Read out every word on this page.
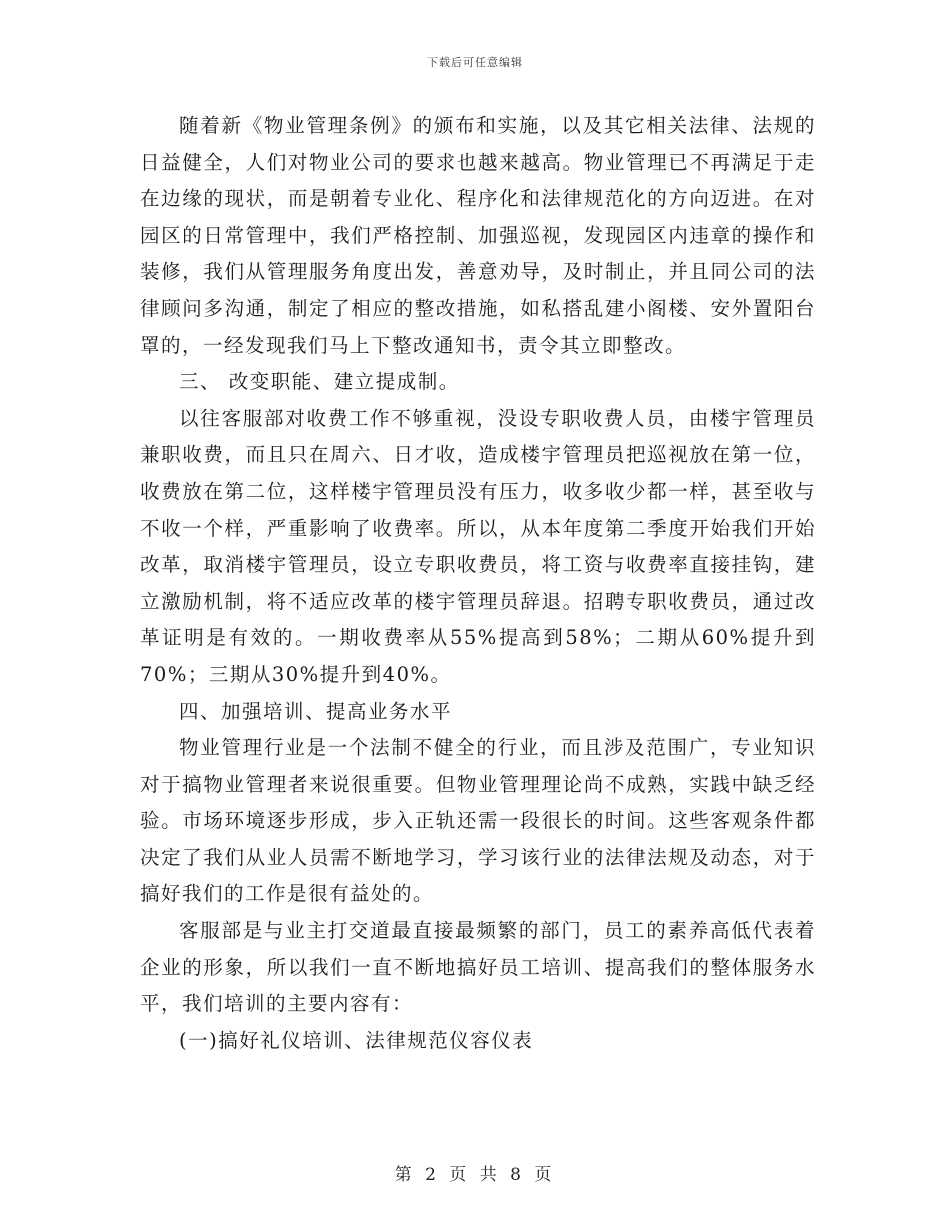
下载后可任意编辑

随着新《物业管理条例》的颁布和实施，以及其它相关法律、法规的日益健全，人们对物业公司的要求也越来越高。物业管理已不再满足于走在边缘的现状，而是朝着专业化、程序化和法律规范化的方向迈进。在对园区的日常管理中，我们严格控制、加强巡视，发现园区内违章的操作和装修，我们从管理服务角度出发，善意劝导，及时制止，并且同公司的法律顾问多沟通，制定了相应的整改措施，如私搭乱建小阁楼、安外置阳台罩的，一经发现我们马上下整改通知书，责令其立即整改。

三、 改变职能、建立提成制。

以往客服部对收费工作不够重视，没设专职收费人员，由楼宇管理员兼职收费，而且只在周六、日才收，造成楼宇管理员把巡视放在第一位，收费放在第二位，这样楼宇管理员没有压力，收多收少都一样，甚至收与不收一个样，严重影响了收费率。所以，从本年度第二季度开始我们开始改革，取消楼宇管理员，设立专职收费员，将工资与收费率直接挂钩，建立激励机制，将不适应改革的楼宇管理员辞退。招聘专职收费员，通过改革证明是有效的。一期收费率从55%提高到58%；二期从60%提升到70%；三期从30%提升到40%。

四、加强培训、提高业务水平

物业管理行业是一个法制不健全的行业，而且涉及范围广，专业知识对于搞物业管理者来说很重要。但物业管理理论尚不成熟，实践中缺乏经验。市场环境逐步形成，步入正轨还需一段很长的时间。这些客观条件都决定了我们从业人员需不断地学习，学习该行业的法律法规及动态，对于搞好我们的工作是很有益处的。

客服部是与业主打交道最直接最频繁的部门，员工的素养高低代表着企业的形象，所以我们一直不断地搞好员工培训、提高我们的整体服务水平，我们培训的主要内容有：

(一)搞好礼仪培训、法律规范仪容仪表

第 2 页 共 8 页
